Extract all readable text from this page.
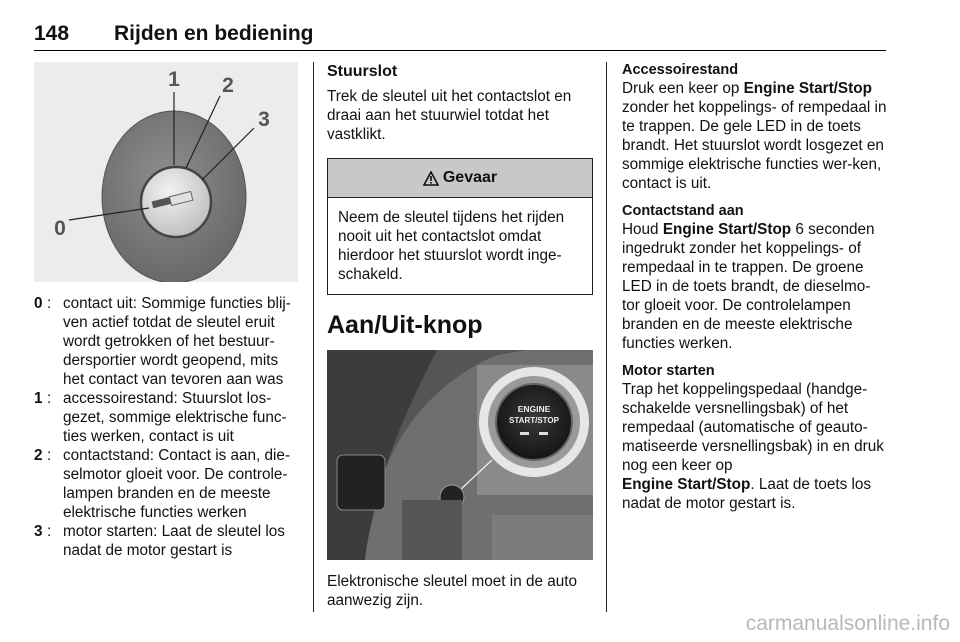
148 Rijden en bediening
1 2
3
0
0 : contact uit: Sommige functies blij-ven actief totdat de sleutel eruit wordt getrokken of het bestuur-dersportier wordt geopend, mits het contact van tevoren aan was
1 : accessoirestand: Stuurslot los-gezet, sommige elektrische func-ties werken, contact is uit
2 : contactstand: Contact is aan, die-selmotor gloeit voor. De controle-lampen branden en de meeste elektrische functies werken
3 : motor starten: Laat de sleutel los nadat de motor gestart is
Stuurslot
Trek de sleutel uit het contactslot en draai aan het stuurwiel totdat het vastklikt.
Gevaar
Neem de sleutel tijdens het rijden nooit uit het contactslot omdat hierdoor het stuurslot wordt inge-schakeld.
Aan/Uit-knop
ENGINE
START/STOP
Elektronische sleutel moet in de auto aanwezig zijn.
Accessoirestand
Druk een keer op Engine Start/Stop zonder het koppelings- of rempedaal in te trappen. De gele LED in de toets brandt. Het stuurslot wordt losgezet en sommige elektrische functies wer-ken, contact is uit.
Contactstand aan
Houd Engine Start/Stop 6 seconden ingedrukt zonder het koppelings- of rempedaal in te trappen. De groene LED in de toets brandt, de dieselmo-tor gloeit voor. De controlelampen branden en de meeste elektrische functies werken.
Motor starten
Trap het koppelingspedaal (handge-schakelde versnellingsbak) of het rempedaal (automatische of geauto-matiseerde versnellingsbak) in en druk nog een keer op
Engine Start/Stop. Laat de toets los nadat de motor gestart is.
carmanualsonline.info
